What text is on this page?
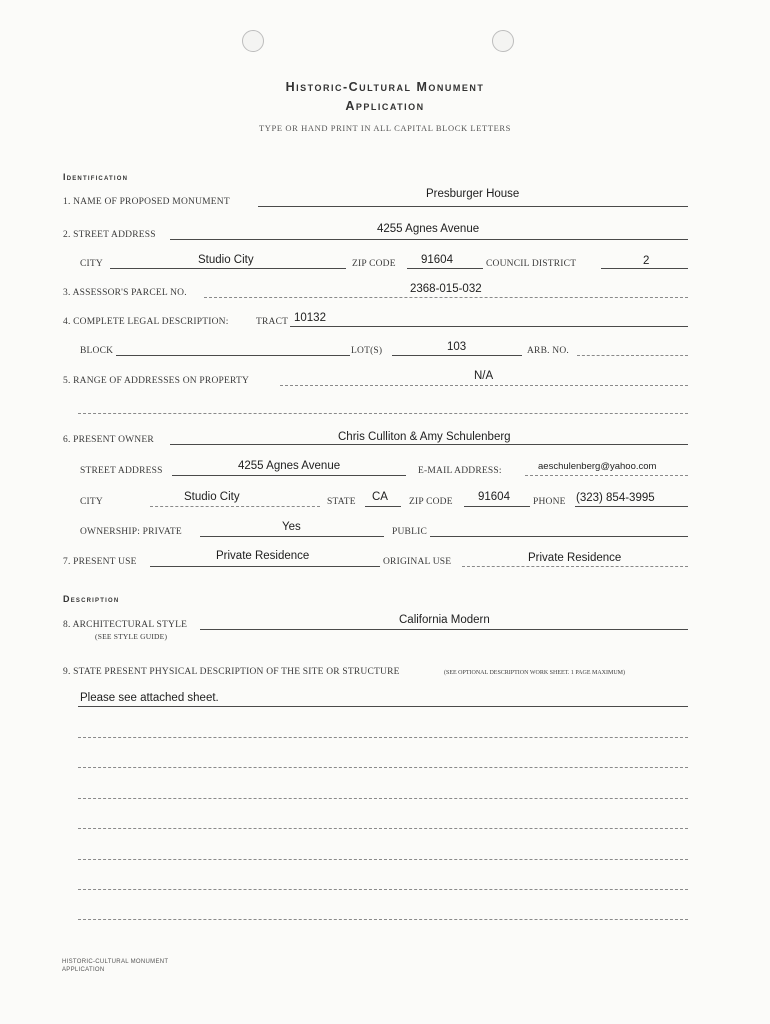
Historic-Cultural Monument
Application
TYPE OR HAND PRINT IN ALL CAPITAL BLOCK LETTERS
Identification
1. NAME OF PROPOSED MONUMENT
Presburger House
2. STREET ADDRESS	4255 Agnes Avenue
CITY	Studio City	ZIP CODE 91604	COUNCIL DISTRICT	2
3. ASSESSOR'S PARCEL NO.	2368-015-032
4. COMPLETE LEGAL DESCRIPTION:	TRACT 10132
BLOCK	LOT(S)	103	ARB. NO.
5. RANGE OF ADDRESSES ON PROPERTY	N/A
6. PRESENT OWNER	Chris Culliton & Amy Schulenberg
STREET ADDRESS	4255 Agnes Avenue	E-MAIL ADDRESS:	aeschulenberg@yahoo.com
CITY	Studio City	STATE CA ZIP CODE 91604 PHONE (323) 854-3995
OWNERSHIP: PRIVATE	Yes	PUBLIC
7. PRESENT USE	Private Residence	ORIGINAL USE	Private Residence
Description
8. ARCHITECTURAL STYLE
(SEE STYLE GUIDE)
California Modern
9. STATE PRESENT PHYSICAL DESCRIPTION OF THE SITE OR STRUCTURE	(SEE OPTIONAL DESCRIPTION WORK SHEET. 1 PAGE MAXIMUM)
Please see attached sheet.
HISTORIC-CULTURAL MONUMENT
APPLICATION
